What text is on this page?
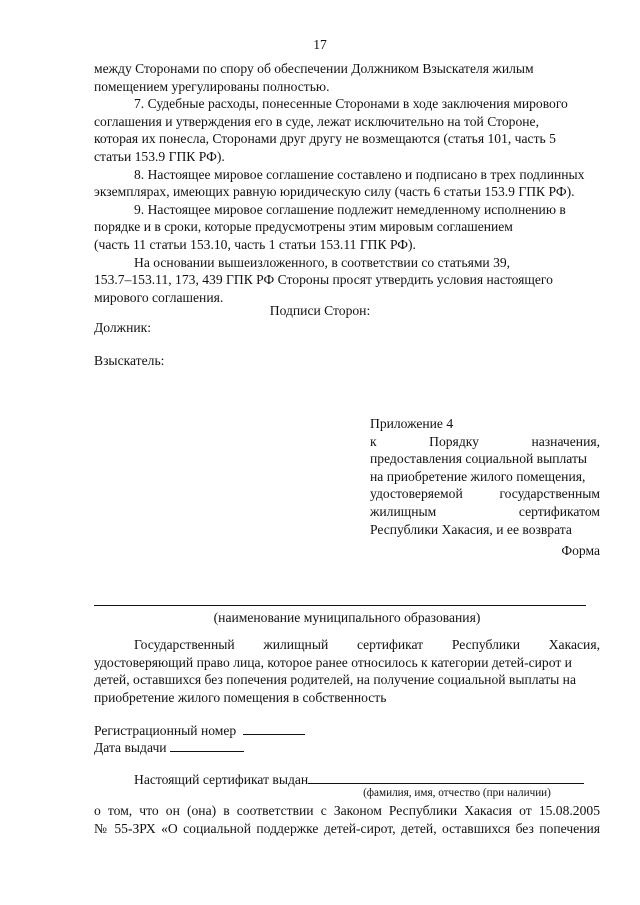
17

между Сторонами по спору об обеспечении Должником Взыскателя жилым
помещением урегулированы полностью.

7. Судебные расходы, понесенные Сторонами в ходе заключения мирового
соглашения и утверждения его в суде, лежат исключительно на той Стороне,
которая их понесла, Сторонами друг другу не возмещаются (статья 101, часть 5
статьи 153.9 ГПК РФ).

8. Настоящее мировое соглашение составлено и подписано в трех подлинных
экземплярах, имеющих равную юридическую силу (часть 6 статьи 153.9 ГПК РФ).

9. Настоящее мировое соглашение подлежит немедленному исполнению в
порядке и в сроки, которые предусмотрены этим мировым соглашением
(часть 11 статьи 153.10, часть 1 статьи 153.11 ГПК РФ).

На основании вышеизложенного, в соответствии со статьями 39,
153.7–153.11, 173, 439 ГПК РФ Стороны просят утвердить условия настоящего
мирового соглашения.

Подписи Сторон:
Должник:
Взыскатель:

Приложение 4

к Порядку назначения,

предоставления социальной выплаты

на приобретение жилого помещения,

удостоверяемой государственным

жилищным сертификатом

Республики Хакасия, и ее возврата

Форма
(наименование муниципального образования)

Государственный жилищный сертификат Республики Хакасия,

удостоверяющий право лица, которое ранее относилось к категории детей-сирот и

детей, оставшихся без попечения родителей, на получение социальной выплаты на

приобретение жилого помещения в собственность

Регистрационный номер
Дата выдачи
Настоящий сертификат выдан
(фамилия, имя, отчество (при наличии)

о том, что он (она) в соответствии с Законом Республики Хакасия от 15.08.2005

№ 55-ЗРХ «О социальной поддержке детей-сирот, детей, оставшихся без попечения
